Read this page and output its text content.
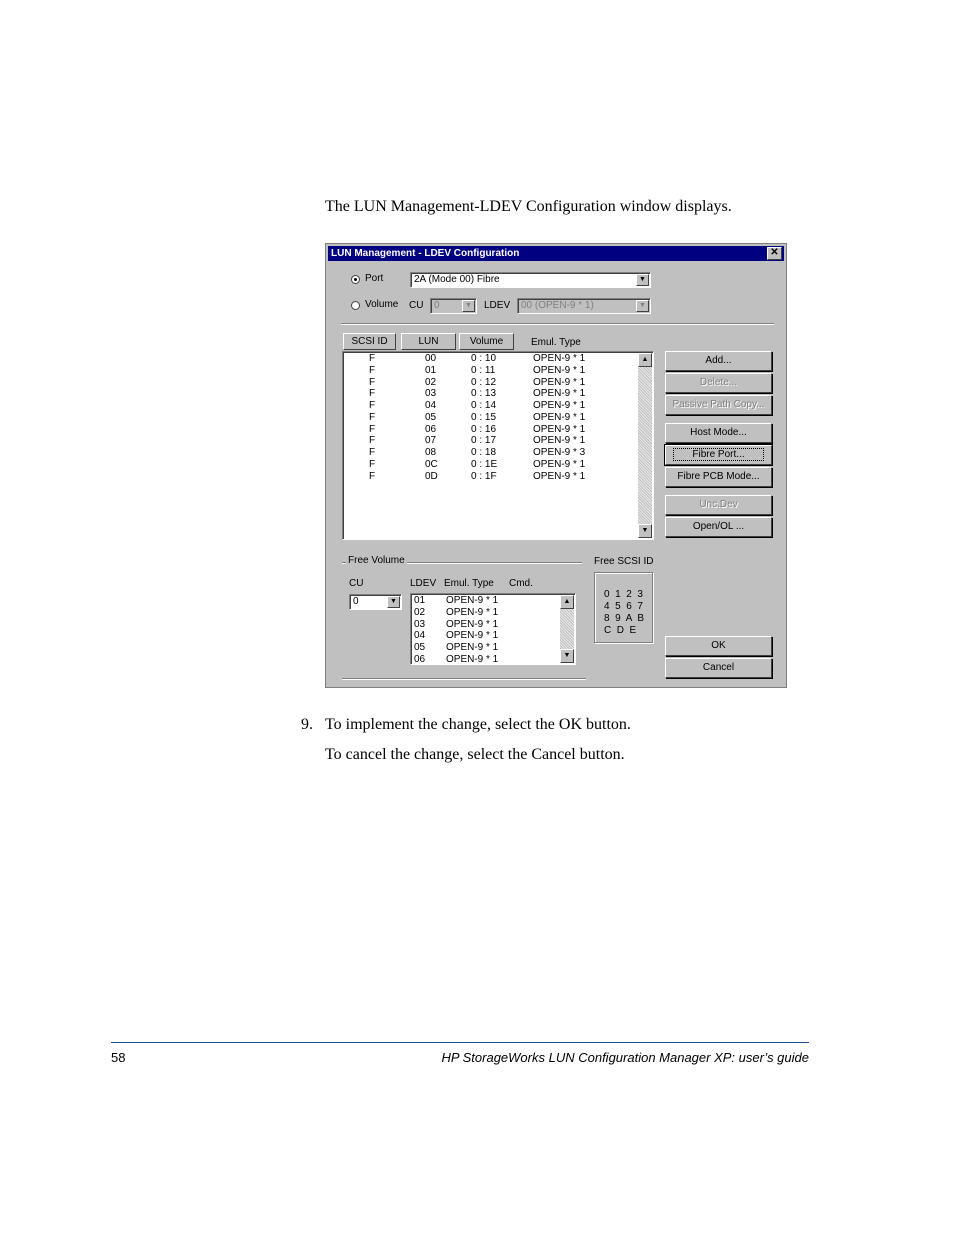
The LUN Management-LDEV Configuration window displays.
LUN Management - LDEV Configuration	✕
Port	2A (Mode 00) Fibre	▼
Volume CU	0	▼	LDEV	00 (OPEN-9 * 1)	▼
SCSI ID	LUN	Volume	Emul. Type
F	00	0 : 10	OPEN-9 * 1
F	01	0 : 11	OPEN-9 * 1
F	02	0 : 12	OPEN-9 * 1
F	03	0 : 13	OPEN-9 * 1
F	04	0 : 14	OPEN-9 * 1
F	05	0 : 15	OPEN-9 * 1
F	06	0 : 16	OPEN-9 * 1
F	07	0 : 17	OPEN-9 * 1
F	08	0 : 18	OPEN-9 * 3
F	0C	0 : 1E	OPEN-9 * 1
F	0D	0 : 1F	OPEN-9 * 1
▲
▼
Add...
Delete...
Passive Path Copy...
Host Mode...
Fibre Port...
Fibre PCB Mode...
Unc.Dev
Open/OL ...
Free Volume
CU
0	▼
LDEV Emul. Type Cmd.
01 OPEN-9 * 1
02 OPEN-9 * 1
03 OPEN-9 * 1
04 OPEN-9 * 1
05 OPEN-9 * 1
06 OPEN-9 * 1
▲
▼
Free SCSI ID
0  1  2  3
4  5  6  7
8  9  A  B
C  D  E
OK
Cancel
9. To implement the change, select the OK button.
To cancel the change, select the Cancel button.
58	HP StorageWorks LUN Configuration Manager XP: user’s guide
